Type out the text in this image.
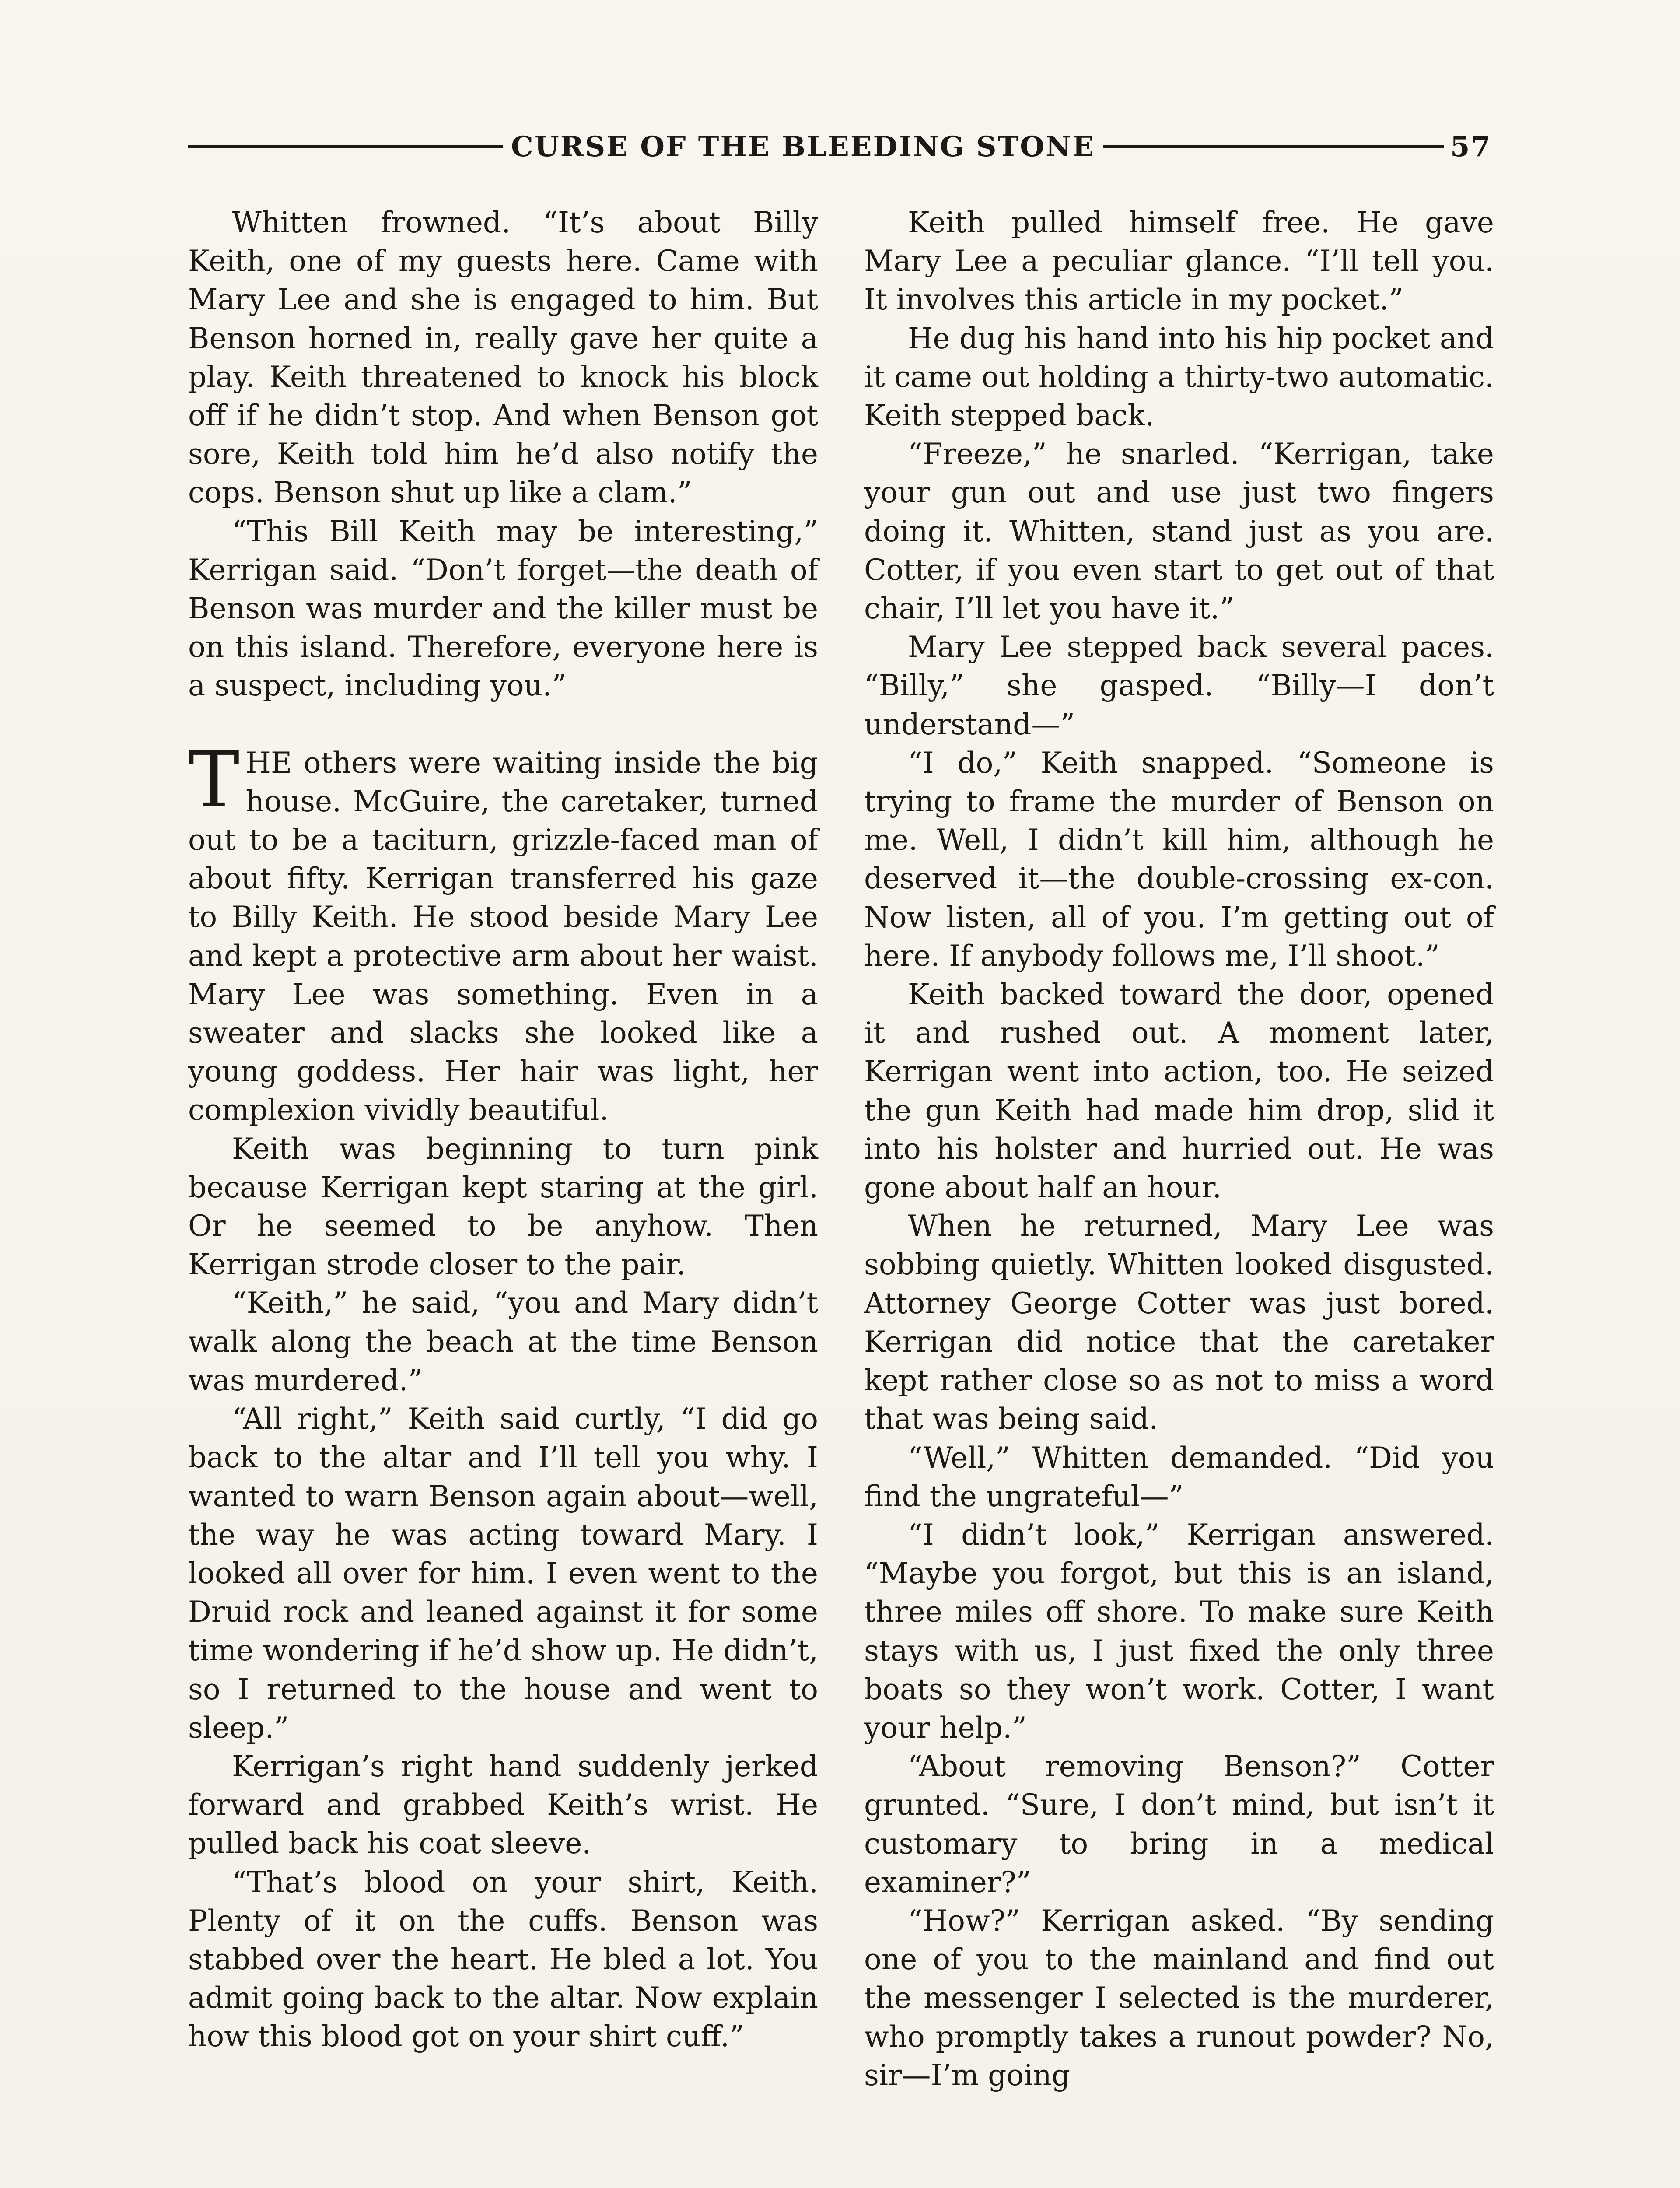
CURSE OF THE BLEEDING STONE	57

Whitten frowned. “It’s about Billy Keith, one of my guests here. Came with Mary Lee and she is engaged to him. But Benson horned in, really gave her quite a play. Keith threatened to knock his block off if he didn’t stop. And when Benson got sore, Keith told him he’d also notify the cops. Benson shut up like a clam.”

“This Bill Keith may be interesting,” Kerrigan said. “Don’t forget—the death of Benson was murder and the killer must be on this island. Therefore, everyone here is a suspect, including you.”

THE others were waiting inside the big house. McGuire, the caretaker, turned out to be a taciturn, grizzle-faced man of about fifty. Kerrigan transferred his gaze to Billy Keith. He stood beside Mary Lee and kept a protective arm about her waist. Mary Lee was something. Even in a sweater and slacks she looked like a young goddess. Her hair was light, her complexion vividly beautiful.

Keith was beginning to turn pink because Kerrigan kept staring at the girl. Or he seemed to be anyhow. Then Kerrigan strode closer to the pair.

“Keith,” he said, “you and Mary didn’t walk along the beach at the time Benson was murdered.”

“All right,” Keith said curtly, “I did go back to the altar and I’ll tell you why. I wanted to warn Benson again about—well, the way he was acting toward Mary. I looked all over for him. I even went to the Druid rock and leaned against it for some time wondering if he’d show up. He didn’t, so I returned to the house and went to sleep.”

Kerrigan’s right hand suddenly jerked forward and grabbed Keith’s wrist. He pulled back his coat sleeve.

“That’s blood on your shirt, Keith. Plenty of it on the cuffs. Benson was stabbed over the heart. He bled a lot. You admit going back to the altar. Now explain how this blood got on your shirt cuff.”

Keith pulled himself free. He gave Mary Lee a peculiar glance. “I’ll tell you. It involves this article in my pocket.”

He dug his hand into his hip pocket and it came out holding a thirty-two automatic. Keith stepped back.

“Freeze,” he snarled. “Kerrigan, take your gun out and use just two fingers doing it. Whitten, stand just as you are. Cotter, if you even start to get out of that chair, I’ll let you have it.”

Mary Lee stepped back several paces. “Billy,” she gasped. “Billy—I don’t understand—”

“I do,” Keith snapped. “Someone is trying to frame the murder of Benson on me. Well, I didn’t kill him, although he deserved it—the double-crossing ex-con. Now listen, all of you. I’m getting out of here. If anybody follows me, I’ll shoot.”

Keith backed toward the door, opened it and rushed out. A moment later, Kerrigan went into action, too. He seized the gun Keith had made him drop, slid it into his holster and hurried out. He was gone about half an hour.

When he returned, Mary Lee was sobbing quietly. Whitten looked disgusted. Attorney George Cotter was just bored. Kerrigan did notice that the caretaker kept rather close so as not to miss a word that was being said.

“Well,” Whitten demanded. “Did you find the ungrateful—”

“I didn’t look,” Kerrigan answered. “Maybe you forgot, but this is an island, three miles off shore. To make sure Keith stays with us, I just fixed the only three boats so they won’t work. Cotter, I want your help.”

“About removing Benson?” Cotter grunted. “Sure, I don’t mind, but isn’t it customary to bring in a medical examiner?”

“How?” Kerrigan asked. “By sending one of you to the mainland and find out the messenger I selected is the murderer, who promptly takes a runout powder? No, sir—I’m going
